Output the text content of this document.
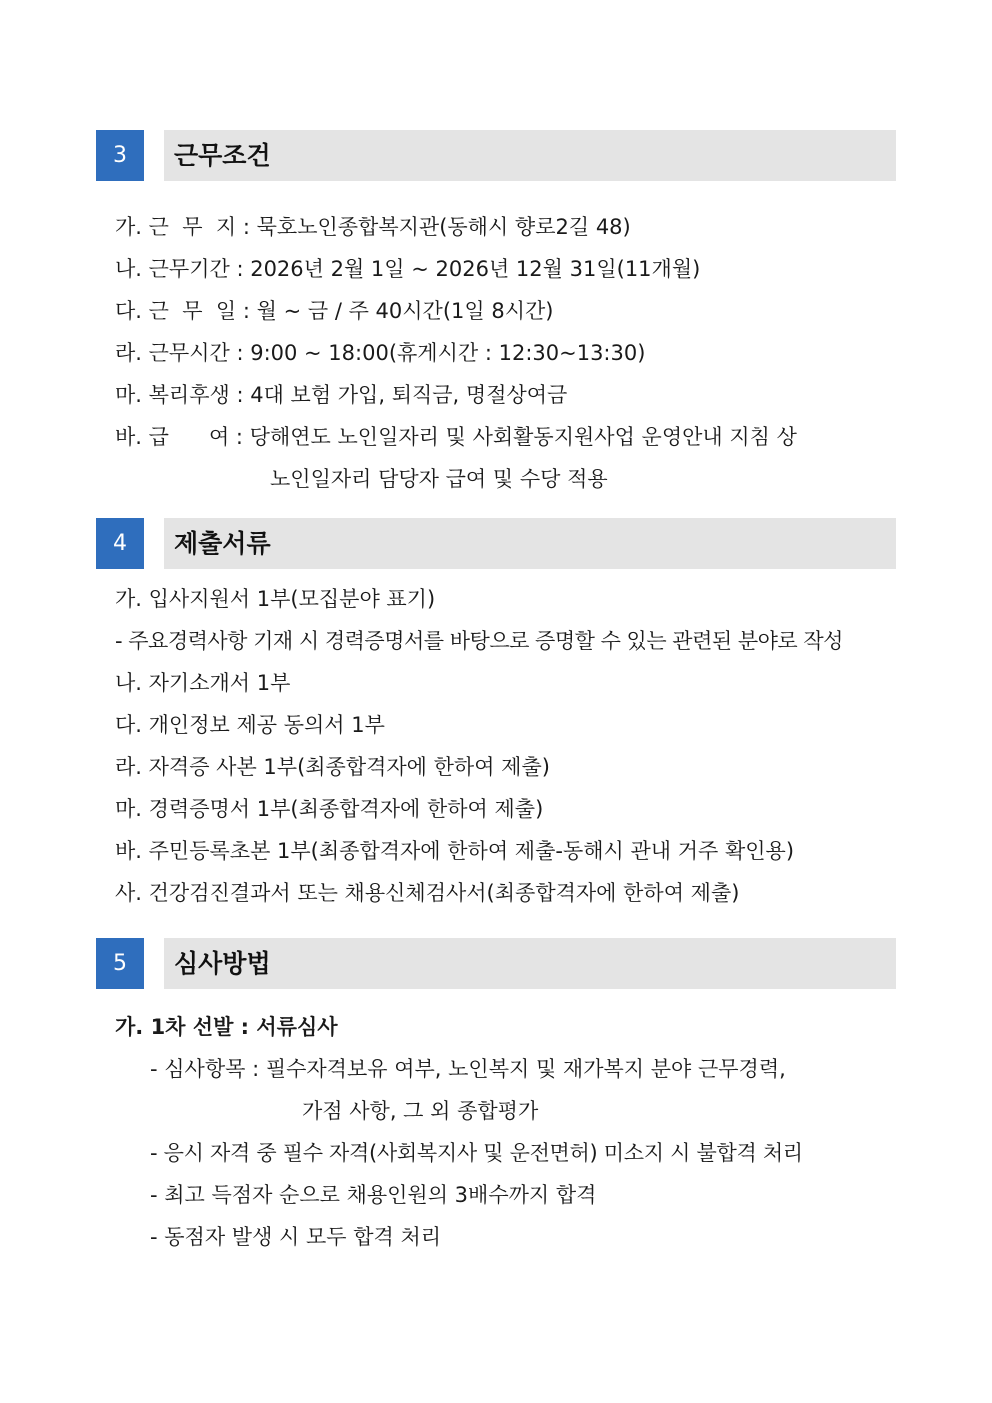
3	근무조건
가. 근  무  지 : 묵호노인종합복지관(동해시 향로2길 48)
나. 근무기간 : 2026년 2월 1일 ~ 2026년 12월 31일(11개월)
다. 근  무  일 : 월 ~ 금 / 주 40시간(1일 8시간)
라. 근무시간 : 9:00 ~ 18:00(휴게시간 : 12:30~13:30)
마. 복리후생 : 4대 보험 가입, 퇴직금, 명절상여금
바. 급      여 : 당해연도 노인일자리 및 사회활동지원사업 운영안내 지침 상
노인일자리 담당자 급여 및 수당 적용
4	제출서류
가. 입사지원서 1부(모집분야 표기)
- 주요경력사항 기재 시 경력증명서를 바탕으로 증명할 수 있는 관련된 분야로 작성
나. 자기소개서 1부
다. 개인정보 제공 동의서 1부
라. 자격증 사본 1부(최종합격자에 한하여 제출)
마. 경력증명서 1부(최종합격자에 한하여 제출)
바. 주민등록초본 1부(최종합격자에 한하여 제출-동해시 관내 거주 확인용)
사. 건강검진결과서 또는 채용신체검사서(최종합격자에 한하여 제출)
5	심사방법
가. 1차 선발 : 서류심사
- 심사항목 : 필수자격보유 여부, 노인복지 및 재가복지 분야 근무경력,
가점 사항, 그 외 종합평가
- 응시 자격 중 필수 자격(사회복지사 및 운전면허) 미소지 시 불합격 처리
- 최고 득점자 순으로 채용인원의 3배수까지 합격
- 동점자 발생 시 모두 합격 처리
